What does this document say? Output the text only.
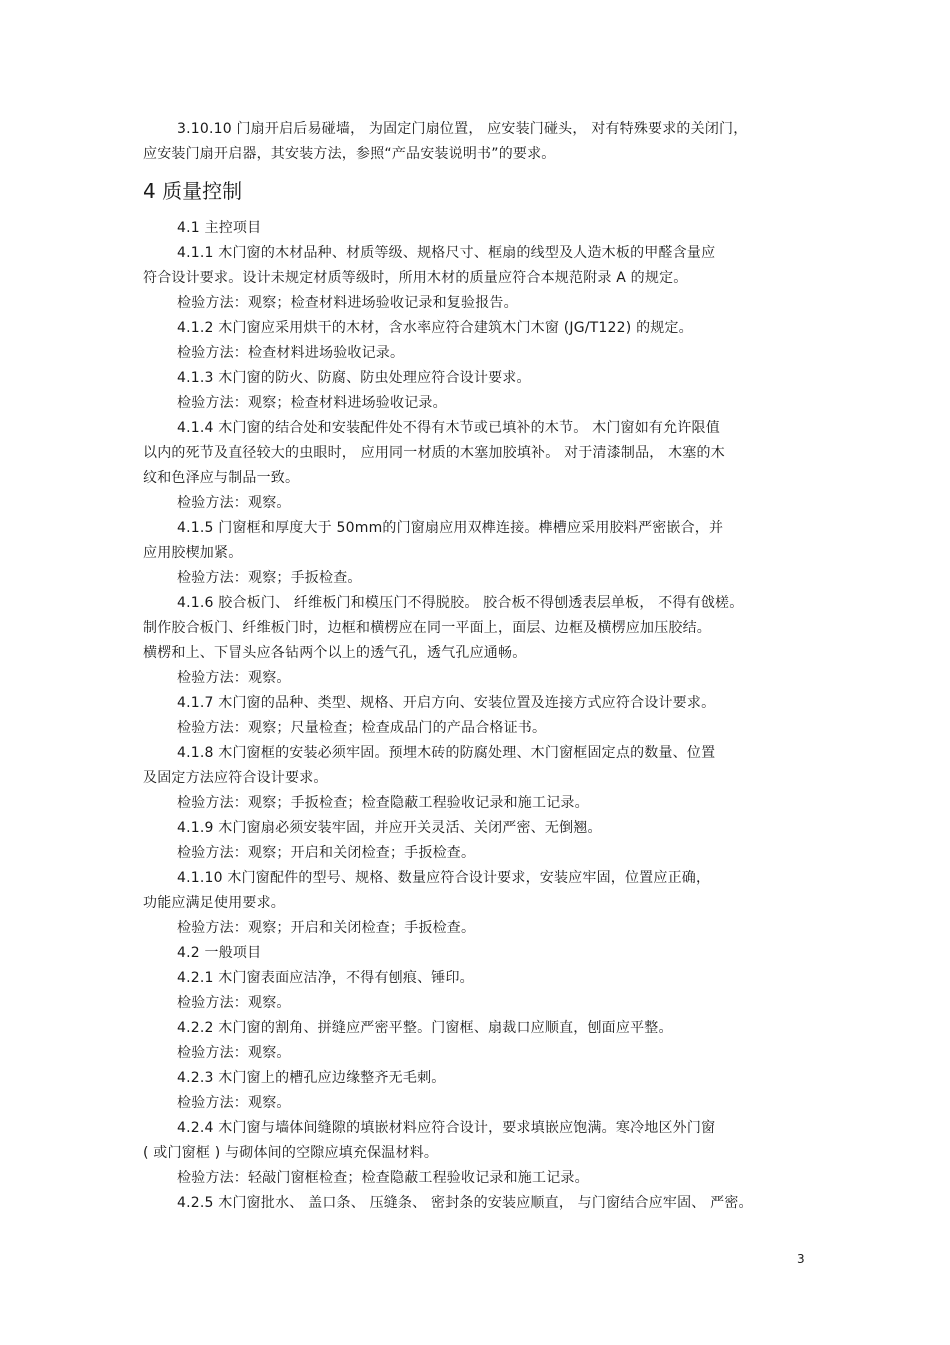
3.10.10 门扇开启后易碰墙， 为固定门扇位置， 应安装门碰头， 对有特殊要求的关闭门，

应安装门扇开启器，其安装方法，参照“产品安装说明书”的要求。

4 质量控制

4.1 主控项目

4.1.1 木门窗的木材品种、材质等级、规格尺寸、框扇的线型及人造木板的甲醛含量应

符合设计要求。设计未规定材质等级时，所用木材的质量应符合本规范附录 A 的规定。

检验方法：观察；检查材料进场验收记录和复验报告。

4.1.2 木门窗应采用烘干的木材，含水率应符合建筑木门木窗 (JG/T122) 的规定。

检验方法：检查材料进场验收记录。

4.1.3 木门窗的防火、防腐、防虫处理应符合设计要求。

检验方法：观察；检查材料进场验收记录。

4.1.4 木门窗的结合处和安装配件处不得有木节或已填补的木节。 木门窗如有允许限值

以内的死节及直径较大的虫眼时， 应用同一材质的木塞加胶填补。 对于清漆制品， 木塞的木

纹和色泽应与制品一致。

检验方法：观察。

4.1.5 门窗框和厚度大于 50mm的门窗扇应用双榫连接。榫槽应采用胶料严密嵌合，并

应用胶楔加紧。

检验方法：观察；手扳检查。

4.1.6 胶合板门、 纤维板门和模压门不得脱胶。 胶合板不得刨透表层单板， 不得有戗槎。

制作胶合板门、纤维板门时，边框和横楞应在同一平面上，面层、边框及横楞应加压胶结。

横楞和上、下冒头应各钻两个以上的透气孔，透气孔应通畅。

检验方法：观察。

4.1.7 木门窗的品种、类型、规格、开启方向、安装位置及连接方式应符合设计要求。

检验方法：观察；尺量检查；检查成品门的产品合格证书。

4.1.8 木门窗框的安装必须牢固。预埋木砖的防腐处理、木门窗框固定点的数量、位置

及固定方法应符合设计要求。

检验方法：观察；手扳检查；检查隐蔽工程验收记录和施工记录。

4.1.9 木门窗扇必须安装牢固，并应开关灵活、关闭严密、无倒翘。

检验方法：观察；开启和关闭检查；手扳检查。

4.1.10 木门窗配件的型号、规格、数量应符合设计要求，安装应牢固，位置应正确，

功能应满足使用要求。

检验方法：观察；开启和关闭检查；手扳检查。

4.2 一般项目

4.2.1 木门窗表面应洁净，不得有刨痕、锤印。

检验方法：观察。

4.2.2 木门窗的割角、拼缝应严密平整。门窗框、扇裁口应顺直，刨面应平整。

检验方法：观察。

4.2.3 木门窗上的槽孔应边缘整齐无毛刺。

检验方法：观察。

4.2.4 木门窗与墙体间缝隙的填嵌材料应符合设计，要求填嵌应饱满。寒冷地区外门窗

( 或门窗框 ) 与砌体间的空隙应填充保温材料。

检验方法：轻敲门窗框检查；检查隐蔽工程验收记录和施工记录。

4.2.5 木门窗批水、 盖口条、 压缝条、 密封条的安装应顺直， 与门窗结合应牢固、 严密。

3
